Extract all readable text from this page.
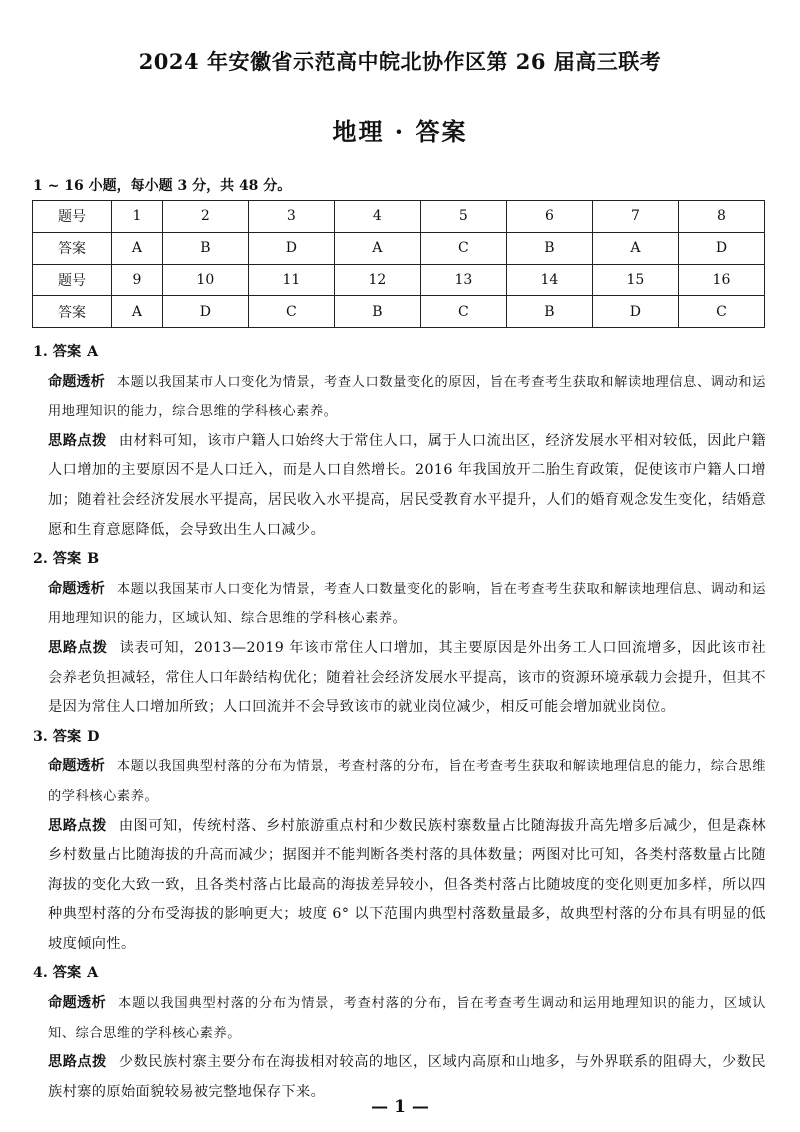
2024 年安徽省示范高中皖北协作区第 26 届高三联考
地理 · 答案
1 ~ 16 小题，每小题 3 分，共 48 分。
题号	1	2	3	4	5	6	7	8
答案	A	B	D	A	C	B	A	D
题号	9	10	11	12	13	14	15	16
答案	A	D	C	B	C	B	D	C

1. 答案 A

命题透析 本题以我国某市人口变化为情景，考查人口数量变化的原因，旨在考查考生获取和解读地理信息、调动和运用地理知识的能力，综合思维的学科核心素养。

思路点拨 由材料可知，该市户籍人口始终大于常住人口，属于人口流出区，经济发展水平相对较低，因此户籍人口增加的主要原因不是人口迁入，而是人口自然增长。2016 年我国放开二胎生育政策，促使该市户籍人口增加；随着社会经济发展水平提高，居民收入水平提高，居民受教育水平提升，人们的婚育观念发生变化，结婚意愿和生育意愿降低，会导致出生人口减少。

2. 答案 B

命题透析 本题以我国某市人口变化为情景，考查人口数量变化的影响，旨在考查考生获取和解读地理信息、调动和运用地理知识的能力，区域认知、综合思维的学科核心素养。

思路点拨 读表可知，2013—2019 年该市常住人口增加，其主要原因是外出务工人口回流增多，因此该市社会养老负担减轻，常住人口年龄结构优化；随着社会经济发展水平提高，该市的资源环境承载力会提升，但其不是因为常住人口增加所致；人口回流并不会导致该市的就业岗位减少，相反可能会增加就业岗位。

3. 答案 D

命题透析 本题以我国典型村落的分布为情景，考查村落的分布，旨在考查考生获取和解读地理信息的能力，综合思维的学科核心素养。

思路点拨 由图可知，传统村落、乡村旅游重点村和少数民族村寨数量占比随海拔升高先增多后减少，但是森林乡村数量占比随海拔的升高而减少；据图并不能判断各类村落的具体数量；两图对比可知，各类村落数量占比随海拔的变化大致一致，且各类村落占比最高的海拔差异较小，但各类村落占比随坡度的变化则更加多样，所以四种典型村落的分布受海拔的影响更大；坡度 6° 以下范围内典型村落数量最多，故典型村落的分布具有明显的低坡度倾向性。

4. 答案 A

命题透析 本题以我国典型村落的分布为情景，考查村落的分布，旨在考查考生调动和运用地理知识的能力，区域认知、综合思维的学科核心素养。

思路点拨 少数民族村寨主要分布在海拔相对较高的地区，区域内高原和山地多，与外界联系的阻碍大，少数民族村寨的原始面貌较易被完整地保存下来。

— 1 —
